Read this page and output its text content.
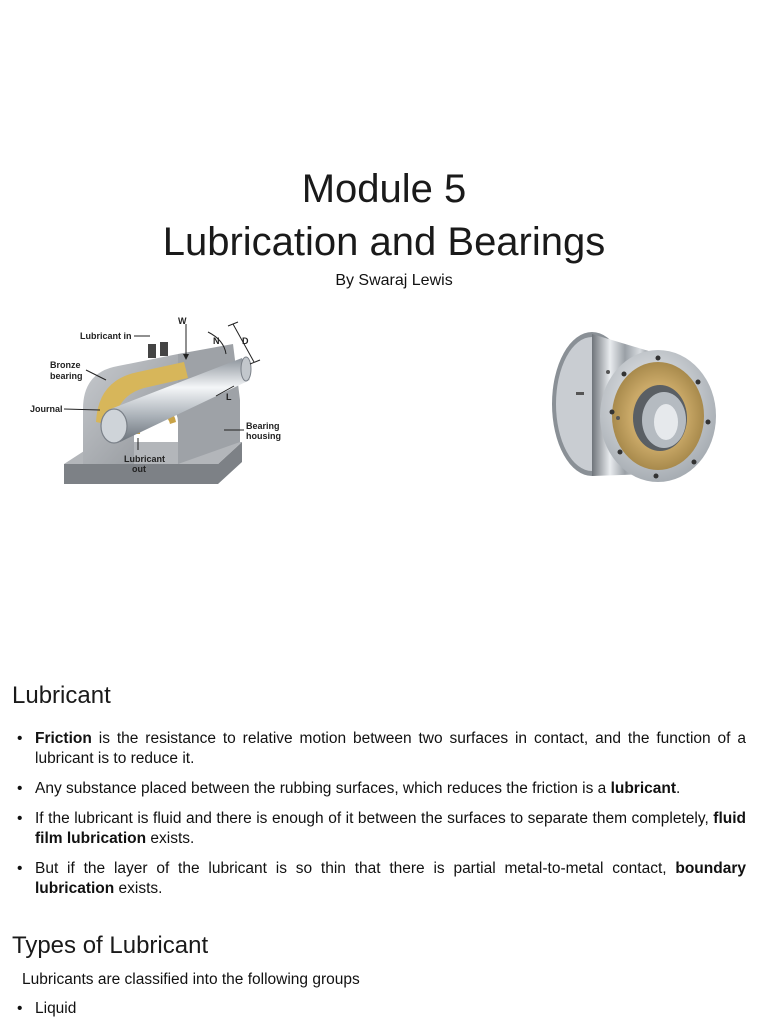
Module 5
Lubrication and Bearings
By Swaraj Lewis
Lubricant in
W
N	D
L
Bronze
bearing
Journal
Bearing
housing
Lubricant
out
Lubricant
• Friction is the resistance to relative motion between two surfaces in contact, and the function of a lubricant is to reduce it.
• Any substance placed between the rubbing surfaces, which reduces the friction is a lubricant.
• If the lubricant is fluid and there is enough of it between the surfaces to separate them completely, fluid film lubrication exists.
• But if the layer of the lubricant is so thin that there is partial metal-to-metal contact, boundary lubrication exists.
Types of Lubricant
Lubricants are classified into the following groups
• Liquid
